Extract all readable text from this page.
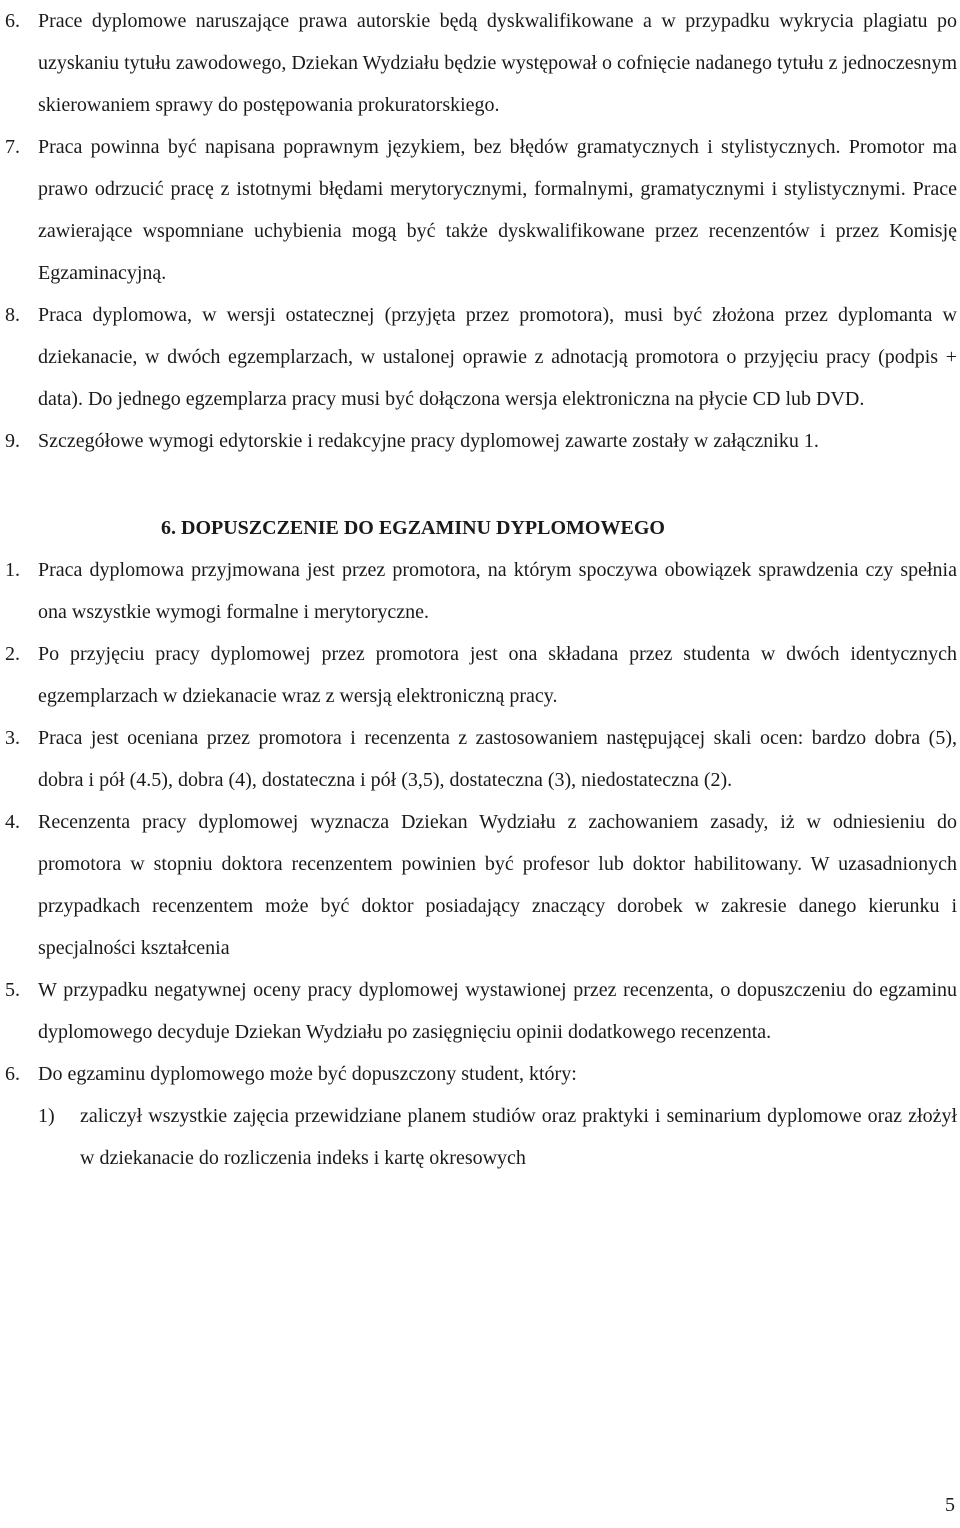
6. Prace dyplomowe naruszające prawa autorskie będą dyskwalifikowane a w przypadku wykrycia plagiatu po uzyskaniu tytułu zawodowego, Dziekan Wydziału będzie występował o cofnięcie nadanego tytułu z jednoczesnym skierowaniem sprawy do postępowania prokuratorskiego.
7. Praca powinna być napisana poprawnym językiem, bez błędów gramatycznych i stylistycznych. Promotor ma prawo odrzucić pracę z istotnymi błędami merytorycznymi, formalnymi, gramatycznymi i stylistycznymi. Prace zawierające wspomniane uchybienia mogą być także dyskwalifikowane przez recenzentów i przez Komisję Egzaminacyjną.
8. Praca dyplomowa, w wersji ostatecznej (przyjęta przez promotora), musi być złożona przez dyplomanta w dziekanacie, w dwóch egzemplarzach, w ustalonej oprawie z adnotacją promotora o przyjęciu pracy (podpis + data). Do jednego egzemplarza pracy musi być dołączona wersja elektroniczna na płycie CD lub DVD.
9. Szczegółowe wymogi edytorskie i redakcyjne pracy dyplomowej zawarte zostały w załączniku 1.
6. DOPUSZCZENIE DO EGZAMINU DYPLOMOWEGO
1. Praca dyplomowa przyjmowana jest przez promotora, na którym spoczywa obowiązek sprawdzenia czy spełnia ona wszystkie wymogi formalne i merytoryczne.
2. Po przyjęciu pracy dyplomowej przez promotora jest ona składana przez studenta w dwóch identycznych egzemplarzach w dziekanacie wraz z wersją elektroniczną pracy.
3. Praca jest oceniana przez promotora i recenzenta z zastosowaniem następującej skali ocen: bardzo dobra (5), dobra i pół (4.5), dobra (4), dostateczna i pół (3,5), dostateczna (3), niedostateczna (2).
4. Recenzenta pracy dyplomowej wyznacza Dziekan Wydziału z zachowaniem zasady, iż w odniesieniu do promotora w stopniu doktora recenzentem powinien być profesor lub doktor habilitowany. W uzasadnionych przypadkach recenzentem może być doktor posiadający znaczący dorobek w zakresie danego kierunku i specjalności kształcenia
5. W przypadku negatywnej oceny pracy dyplomowej wystawionej przez recenzenta, o dopuszczeniu do egzaminu dyplomowego decyduje Dziekan Wydziału po zasięgnięciu opinii dodatkowego recenzenta.
6. Do egzaminu dyplomowego może być dopuszczony student, który:
1) zaliczył wszystkie zajęcia przewidziane planem studiów oraz praktyki i seminarium dyplomowe oraz złożył w dziekanacie do rozliczenia indeks i kartę okresowych
5
